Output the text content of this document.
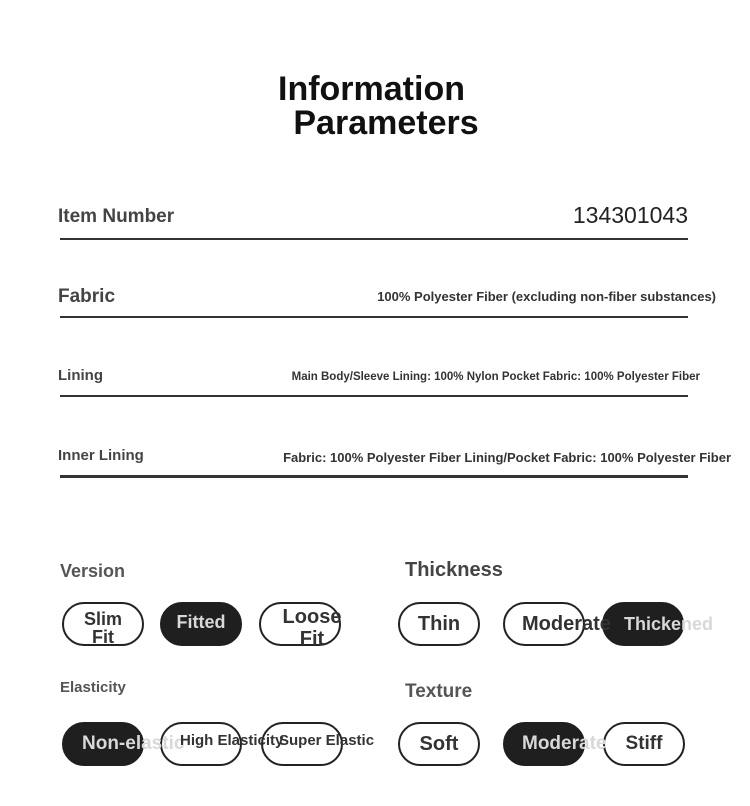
Information
Parameters
Item Number	134301043
Fabric	100% Polyester Fiber (excluding non-fiber substances)
Lining	Main Body/Sleeve Lining: 100% Nylon Pocket Fabric: 100% Polyester Fiber
Inner Lining	Fabric: 100% Polyester Fiber Lining/Pocket Fabric: 100% Polyester Fiber
Version
Slim Fit
Fitted	Loose Fit
Thickness
Thin	Moderate Thickened
Elasticity
Non-elastic
High Elasticity
Super Elastic
Texture
Soft	Moderate Stiff
